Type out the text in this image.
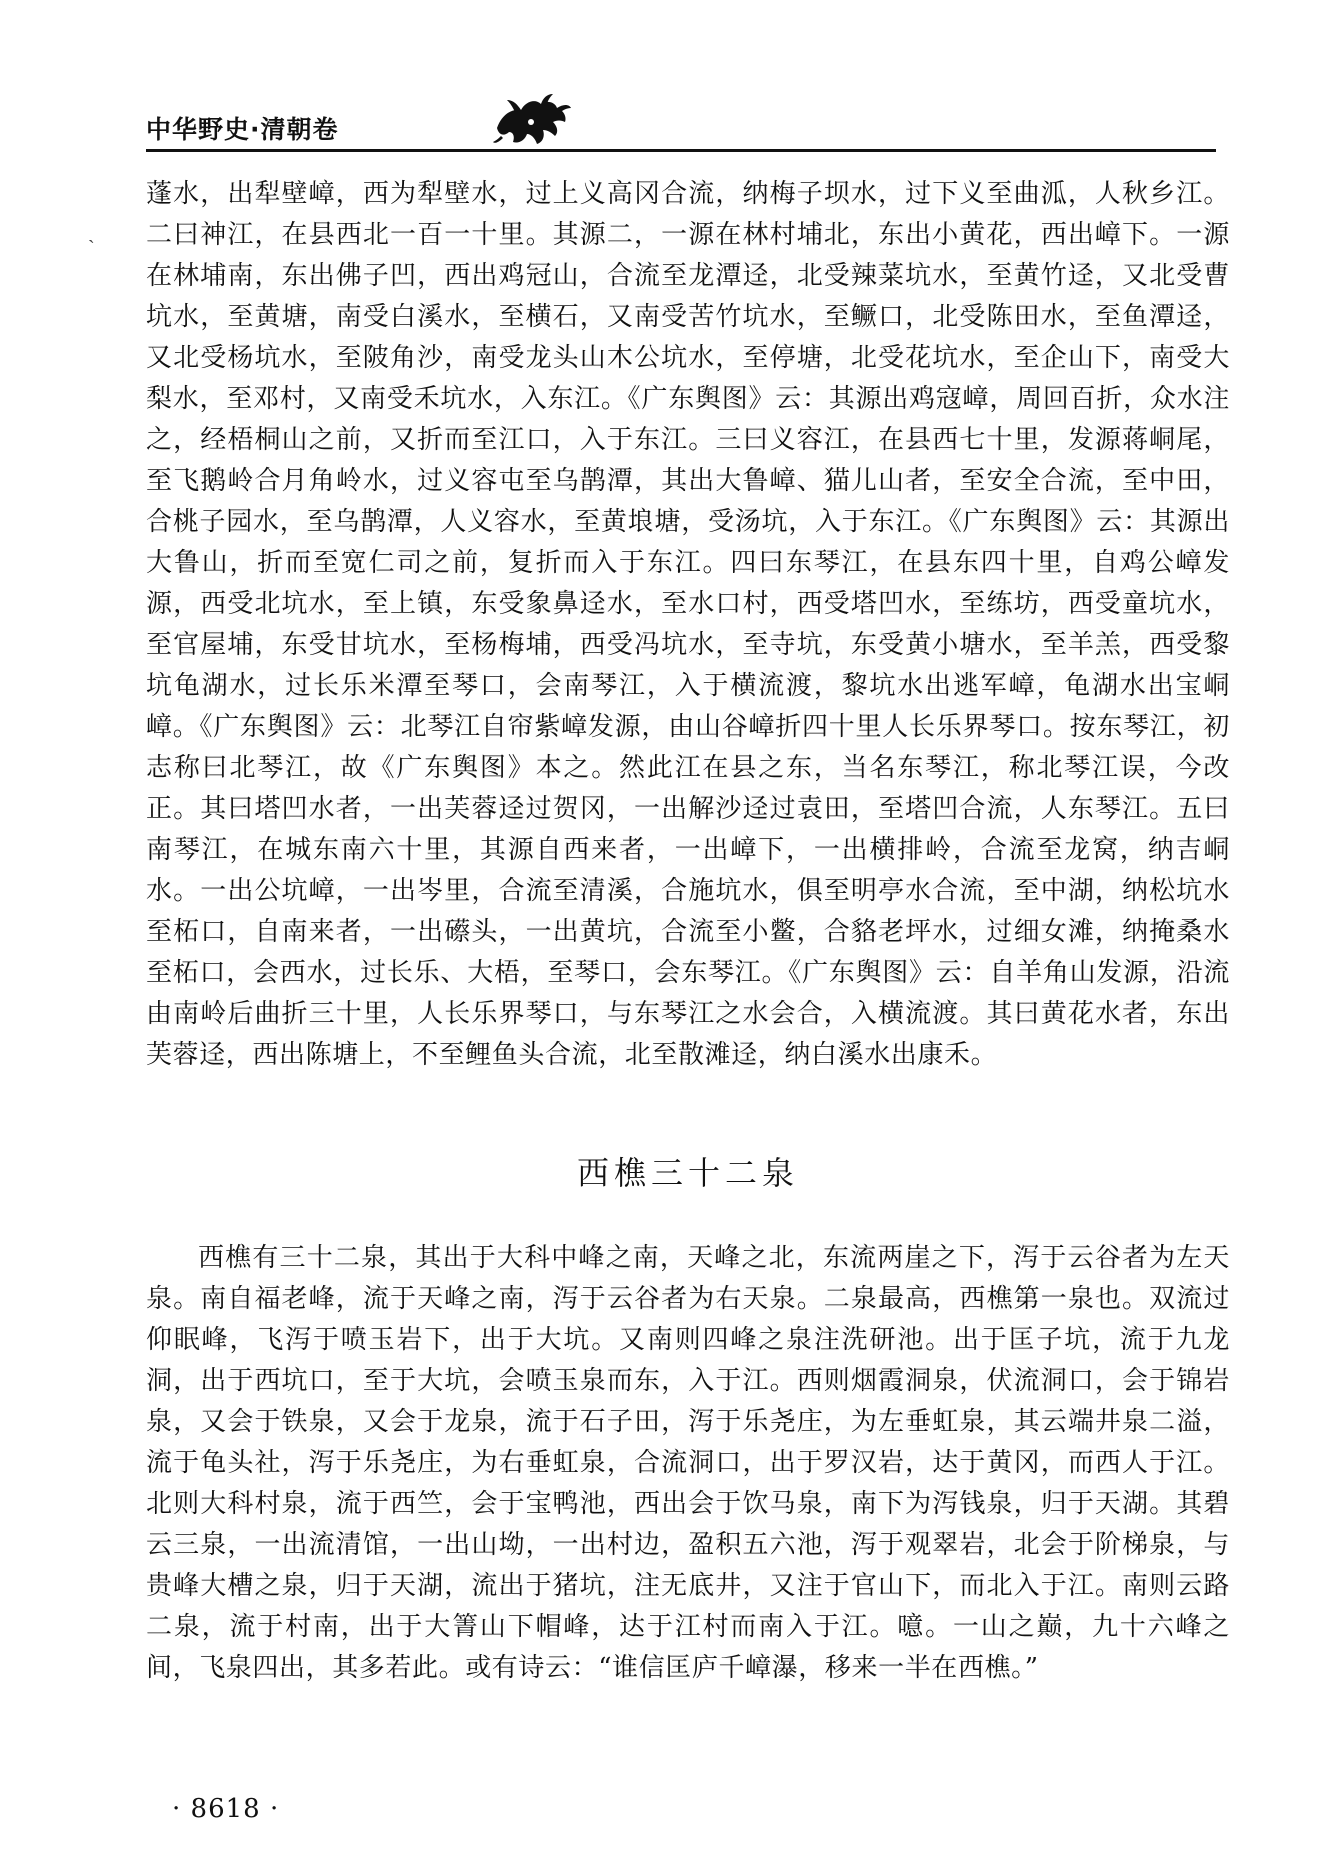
中华野史·清朝卷

蓬水，出犁壁嶂，西为犁壁水，过上义高冈合流，纳梅子坝水，过下义至曲泒，人秋乡江。二曰神江，在县西北一百一十里。其源二，一源在林村埔北，东出小黄花，西出嶂下。一源在林埔南，东出佛子凹，西出鸡冠山，合流至龙潭迳，北受辣菜坑水，至黄竹迳，又北受曹坑水，至黄塘，南受白溪水，至横石，又南受苦竹坑水，至鳜口，北受陈田水，至鱼潭迳，又北受杨坑水，至陂角沙，南受龙头山木公坑水，至停塘，北受花坑水，至企山下，南受大梨水，至邓村，又南受禾坑水，入东江。《广东舆图》云：其源出鸡寇嶂，周回百折，众水注之，经梧桐山之前，又折而至江口，入于东江。三曰义容江，在县西七十里，发源蒋峒尾，至飞鹅岭合月角岭水，过义容屯至乌鹊潭，其出大鲁嶂、猫儿山者，至安全合流，至中田，合桃子园水，至乌鹊潭，人义容水，至黄埌塘，受汤坑，入于东江。《广东舆图》云：其源出大鲁山，折而至宽仁司之前，复折而入于东江。四曰东琴江，在县东四十里，自鸡公嶂发源，西受北坑水，至上镇，东受象鼻迳水，至水口村，西受塔凹水，至练坊，西受童坑水，至官屋埔，东受甘坑水，至杨梅埔，西受冯坑水，至寺坑，东受黄小塘水，至羊羔，西受黎坑龟湖水，过长乐米潭至琴口，会南琴江，入于横流渡，黎坑水出逃军嶂，龟湖水出宝峒嶂。《广东舆图》云：北琴江自帘紫嶂发源，由山谷嶂折四十里人长乐界琴口。按东琴江，初志称曰北琴江，故《广东舆图》本之。然此江在县之东，当名东琴江，称北琴江误，今改正。其曰塔凹水者，一出芙蓉迳过贺冈，一出解沙迳过袁田，至塔凹合流，人东琴江。五曰南琴江，在城东南六十里，其源自西来者，一出嶂下，一出横排岭，合流至龙窝，纳吉峒水。一出公坑嶂，一出岑里，合流至清溪，合施坑水，俱至明亭水合流，至中湖，纳松坑水至柘口，自南来者，一出礤头，一出黄坑，合流至小鳖，合貉老坪水，过细女滩，纳掩桑水至柘口，会西水，过长乐、大梧，至琴口，会东琴江。《广东舆图》云：自羊角山发源，沿流由南岭后曲折三十里，人长乐界琴口，与东琴江之水会合，入横流渡。其曰黄花水者，东出芙蓉迳，西出陈塘上，不至鲤鱼头合流，北至散滩迳，纳白溪水出康禾。

西樵三十二泉

西樵有三十二泉，其出于大科中峰之南，天峰之北，东流两崖之下，泻于云谷者为左天泉。南自福老峰，流于天峰之南，泻于云谷者为右天泉。二泉最高，西樵第一泉也。双流过仰眠峰，飞泻于喷玉岩下，出于大坑。又南则四峰之泉注洗研池。出于匡子坑，流于九龙洞，出于西坑口，至于大坑，会喷玉泉而东，入于江。西则烟霞洞泉，伏流洞口，会于锦岩泉，又会于铁泉，又会于龙泉，流于石子田，泻于乐尧庄，为左垂虹泉，其云端井泉二溢，流于龟头社，泻于乐尧庄，为右垂虹泉，合流洞口，出于罗汉岩，达于黄冈，而西人于江。北则大科村泉，流于西竺，会于宝鸭池，西出会于饮马泉，南下为泻钱泉，归于天湖。其碧云三泉，一出流清馆，一出山坳，一出村边，盈积五六池，泻于观翠岩，北会于阶梯泉，与贵峰大槽之泉，归于天湖，流出于猪坑，注无底井，又注于官山下，而北入于江。南则云路二泉，流于村南，出于大箐山下帽峰，达于江村而南入于江。噫。一山之巅，九十六峰之间，飞泉四出，其多若此。或有诗云：“谁信匡庐千嶂瀑，移来一半在西樵。”

· 8618 ·
˴
